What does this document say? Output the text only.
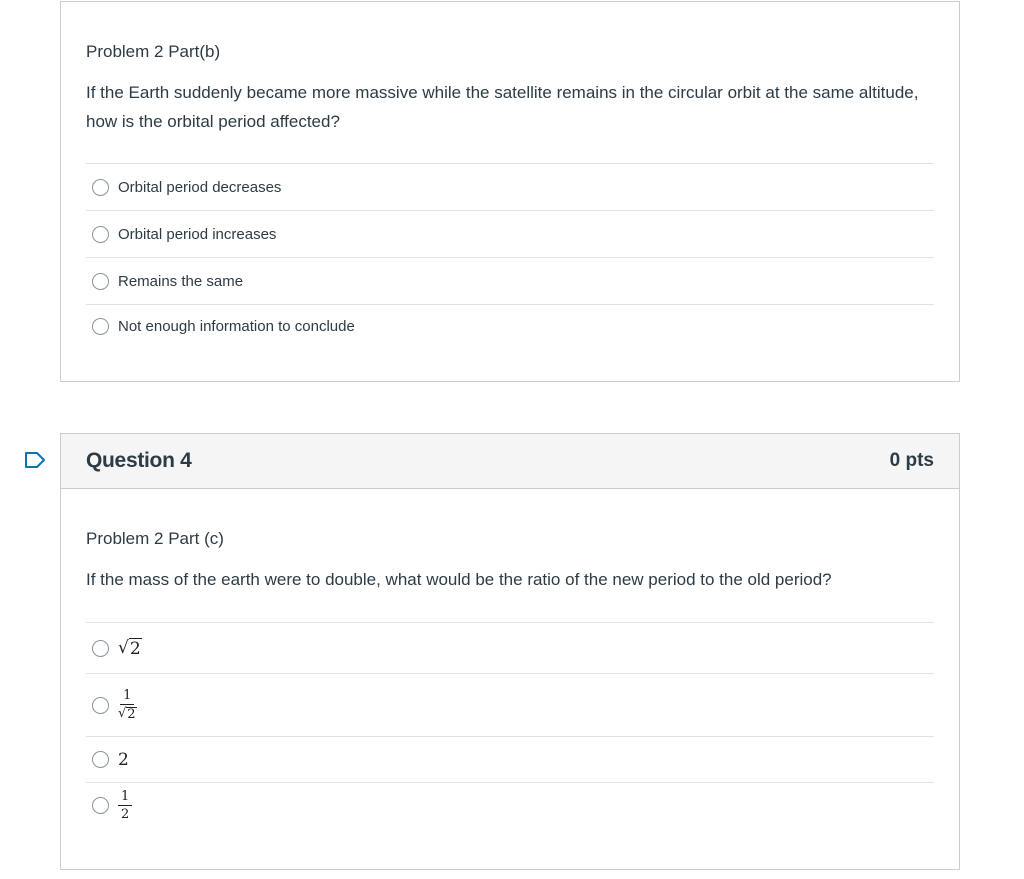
Problem 2 Part(b)

If the Earth suddenly became more massive while the satellite remains in the circular orbit at the same altitude, how is the orbital period affected?

Orbital period decreases
Orbital period increases
Remains the same
Not enough information to conclude
Question 4	0 pts

Problem 2 Part (c)

If the mass of the earth were to double, what would be the ratio of the new period to the old period?

√ 2
$\frac{1}{√ 2}$
2
$\frac{1}{2}$
